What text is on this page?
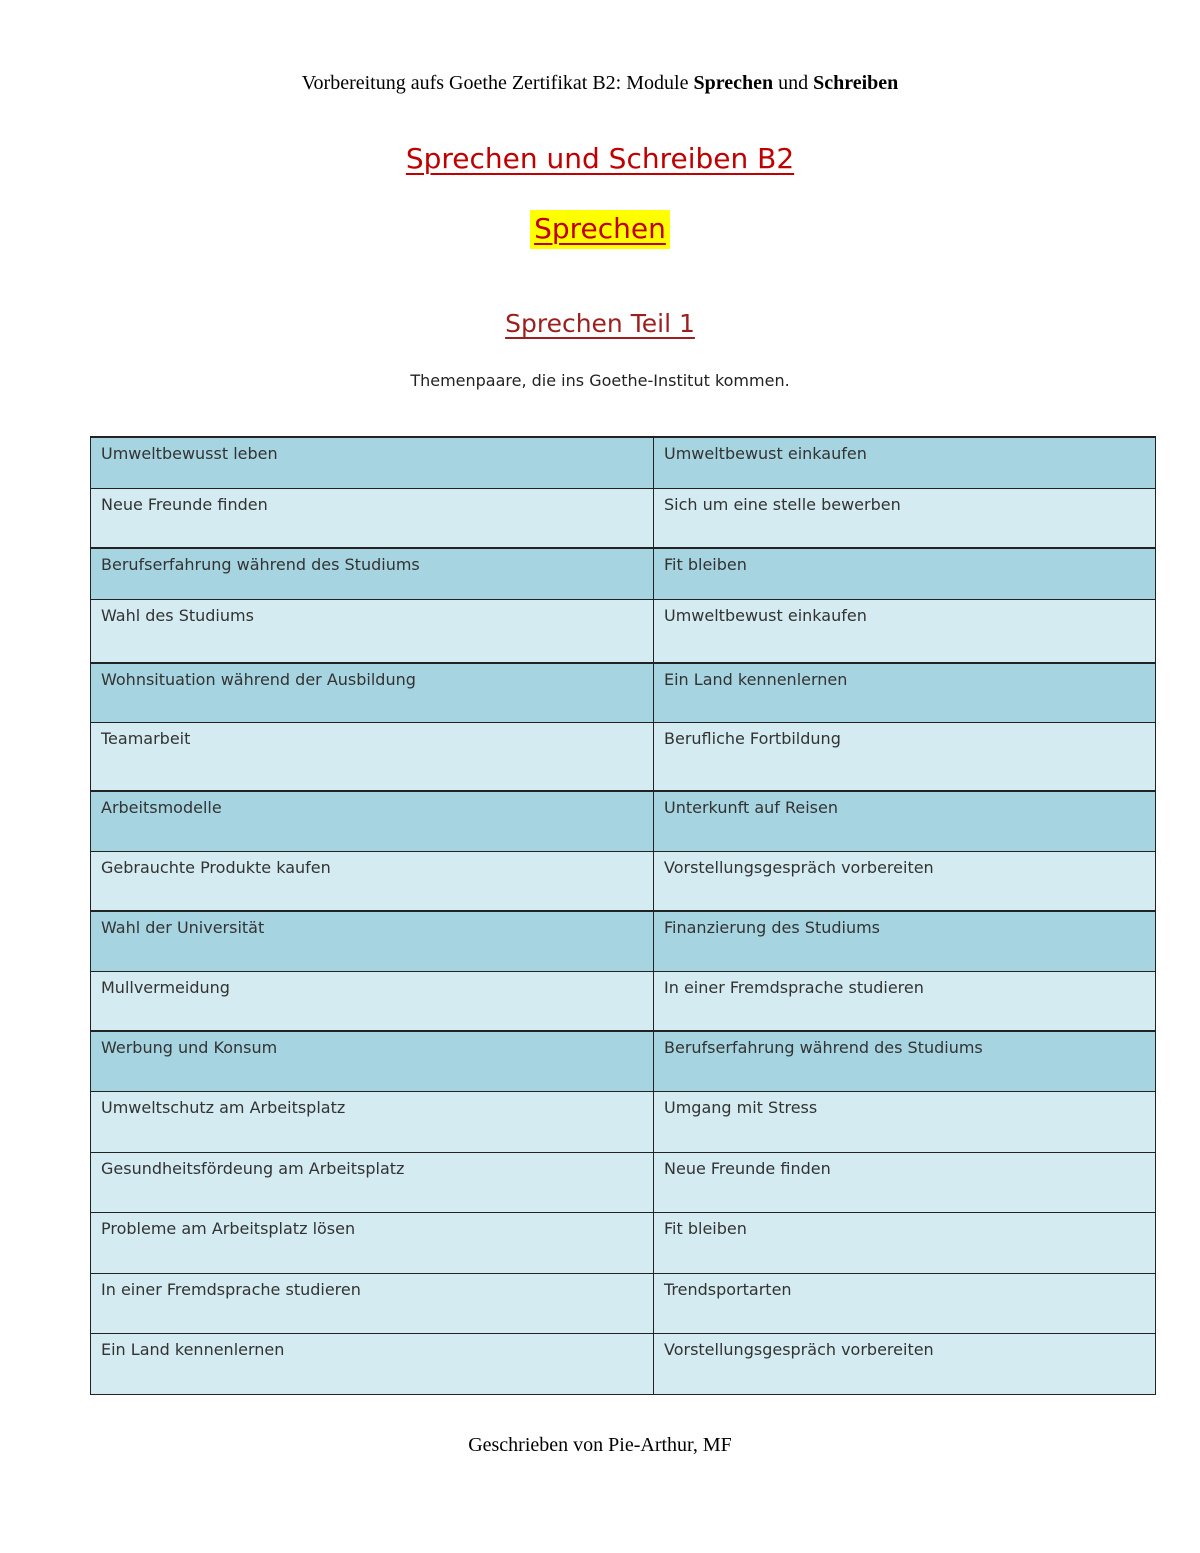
Vorbereitung aufs Goethe Zertifikat B2: Module Sprechen und Schreiben
Sprechen und Schreiben B2
Sprechen
Sprechen Teil 1
Themenpaare, die ins Goethe-Institut kommen.
Umweltbewusst leben	Umweltbewust einkaufen
Neue Freunde finden	Sich um eine stelle bewerben
Berufserfahrung während des Studiums	Fit bleiben
Wahl des Studiums	Umweltbewust einkaufen
Wohnsituation während der Ausbildung	Ein Land kennenlernen
Teamarbeit	Berufliche Fortbildung
Arbeitsmodelle	Unterkunft auf Reisen
Gebrauchte Produkte kaufen	Vorstellungsgespräch vorbereiten
Wahl der Universität	Finanzierung des Studiums
Mullvermeidung	In einer Fremdsprache studieren
Werbung und Konsum	Berufserfahrung während des Studiums
Umweltschutz am Arbeitsplatz	Umgang mit Stress
Gesundheitsfördeung am Arbeitsplatz	Neue Freunde finden
Probleme am Arbeitsplatz lösen	Fit bleiben
In einer Fremdsprache studieren	Trendsportarten
Ein Land kennenlernen	Vorstellungsgespräch vorbereiten
Geschrieben von Pie-Arthur, MF
